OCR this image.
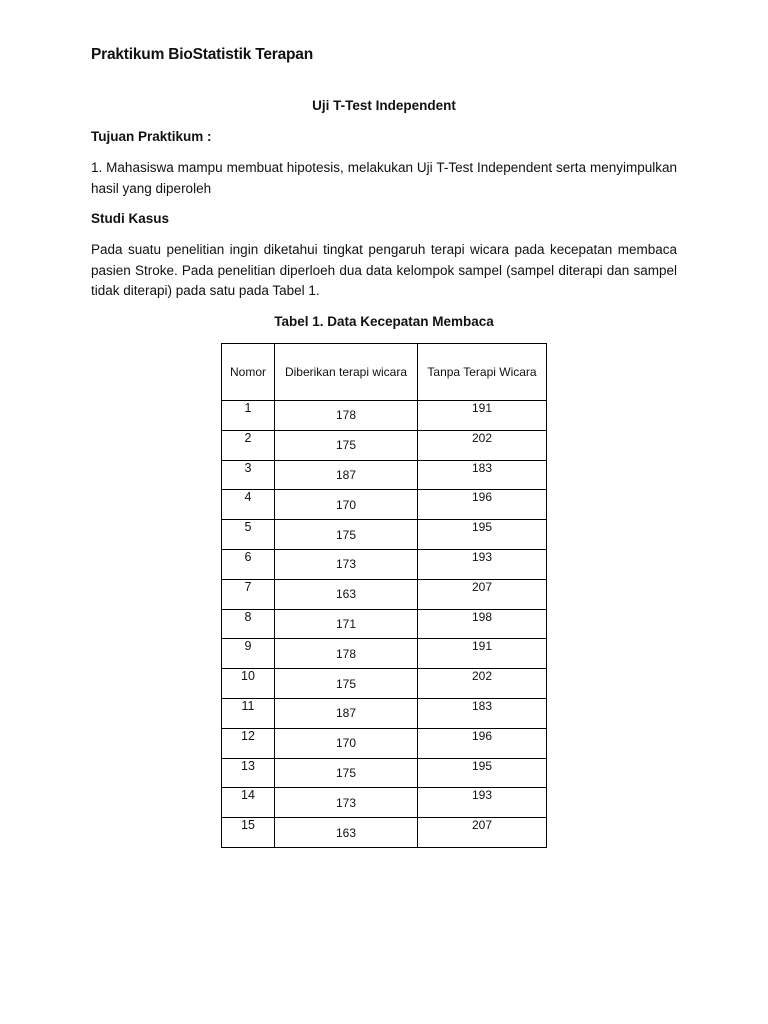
Praktikum BioStatistik Terapan
Uji T-Test Independent
Tujuan Praktikum :
1. Mahasiswa mampu membuat hipotesis, melakukan Uji T-Test Independent serta menyimpulkan hasil yang diperoleh
Studi Kasus
Pada suatu penelitian ingin diketahui tingkat pengaruh terapi wicara pada kecepatan membaca pasien Stroke. Pada penelitian diperloeh dua data kelompok sampel (sampel diterapi dan sampel tidak diterapi) pada satu pada Tabel 1.
Tabel 1. Data Kecepatan Membaca
Nomor	Diberikan terapi wicara	Tanpa Terapi Wicara
1	178	191
2	175	202
3	187	183
4	170	196
5	175	195
6	173	193
7	163	207
8	171	198
9	178	191
10	175	202
11	187	183
12	170	196
13	175	195
14	173	193
15	163	207
